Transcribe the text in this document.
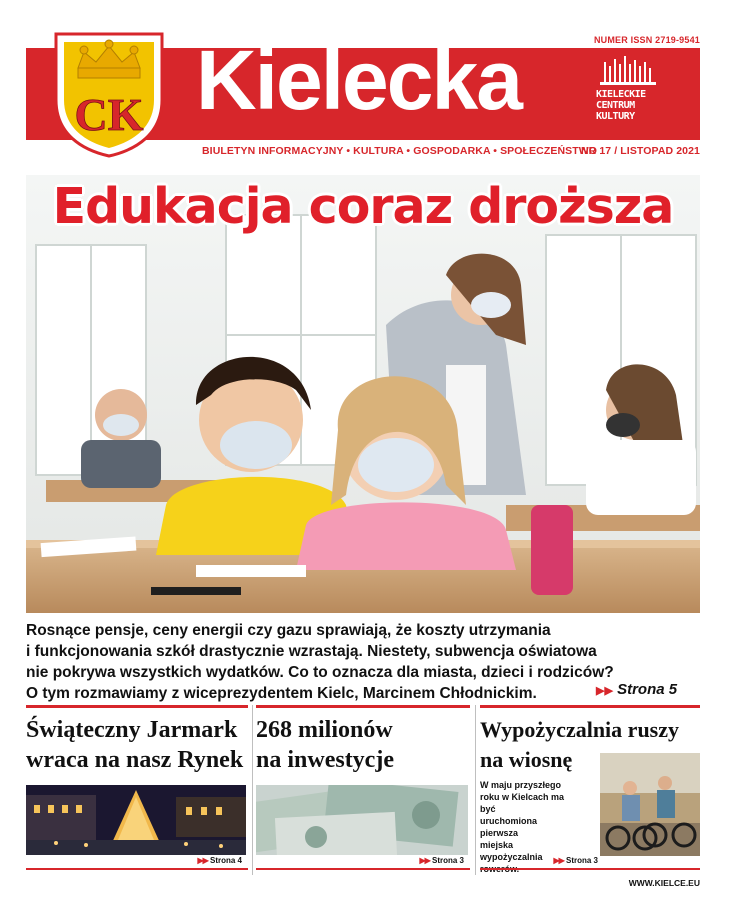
NUMER ISSN 2719-9541
CK Kielecka	KIELECKIE
CENTRUM
KULTURY
BIULETYN INFORMACYJNY • KULTURA • GOSPODARKA • SPOŁECZEŃSTWO
NR 17 / LISTOPAD 2021
Edukacja coraz droższa
Rosnące pensje, ceny energii czy gazu sprawiają, że koszty utrzymania
i funkcjonowania szkół drastycznie wzrastają. Niestety, subwencja oświatowa
nie pokrywa wszystkich wydatków. Co to oznacza dla miasta, dzieci i rodziców?
O tym rozmawiamy z wiceprezydentem Kielc, Marcinem Chłodnickim.	▶▶ Strona 5
Świąteczny Jarmark
wraca na nasz Rynek
▶▶ Strona 4
268 milionów
na inwestycje
▶▶ Strona 3
Wypożyczalnia ruszy
na wiosnę
W maju przyszłego
roku w Kielcach ma być
uruchomiona pierwsza
miejska wypożyczalnia	▶▶ Strona 3
WWW.KIELCE.EU
